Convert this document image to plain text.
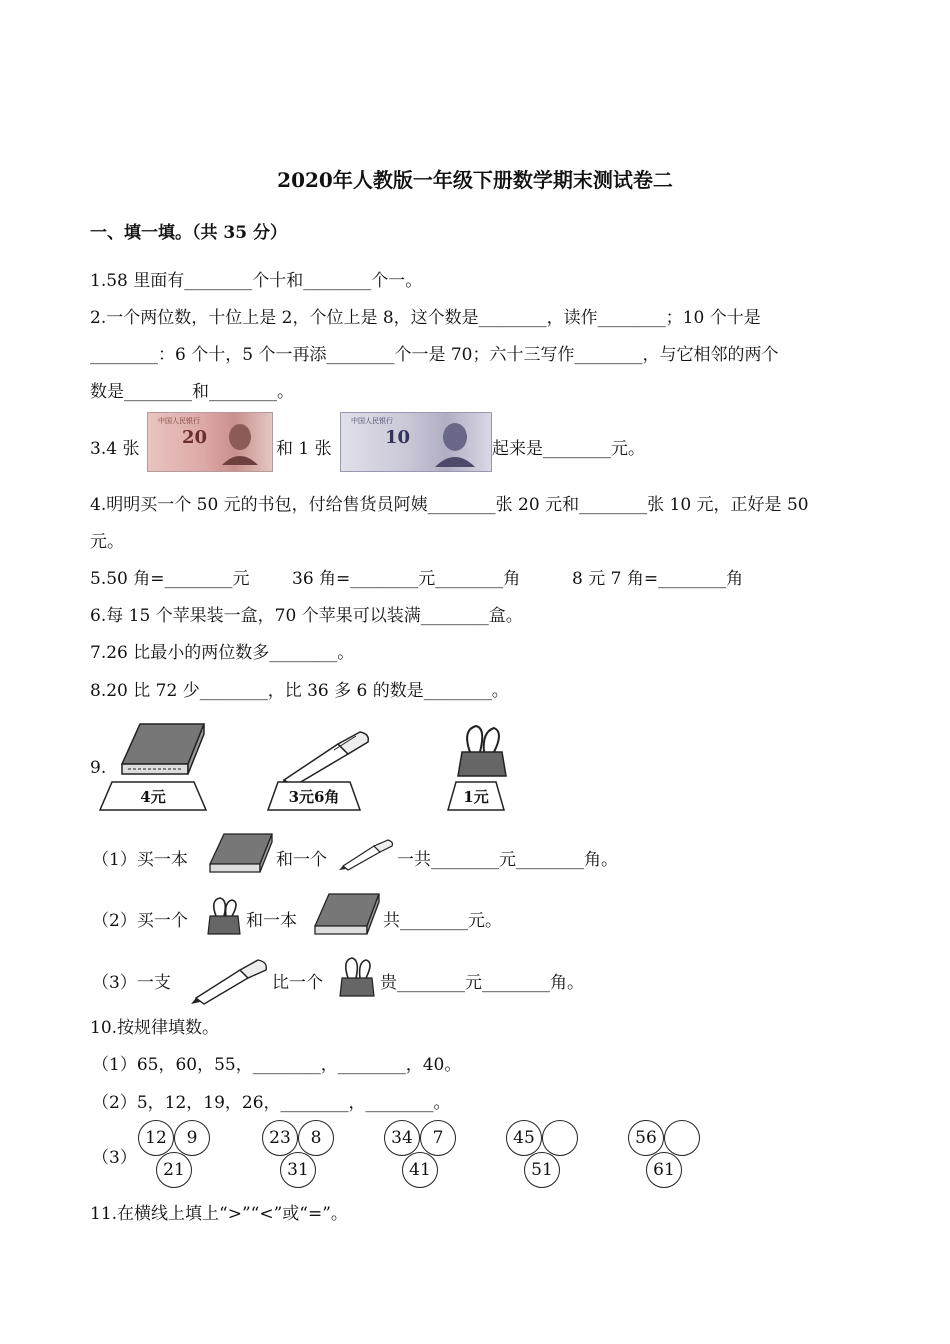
2020年人教版一年级下册数学期末测试卷二
一、填一填。（共 35 分）
1.58 里面有________个十和________个一。
2.一个两位数，十位上是 2，个位上是 8，这个数是________，读作________；10 个十是
________：6 个十，5 个一再添________个一是 70；六十三写作________，与它相邻的两个
数是________和________。
3.4 张
中国人民银行
20
和 1 张
中国人民银行
10
起来是________元。
4.明明买一个 50 元的书包，付给售货员阿姨________张 20 元和________张 10 元，正好是 50
元。
5.50 角=________元	36 角=________元________角	8 元 7 角=________角
6.每 15 个苹果装一盒，70 个苹果可以装满________盒。
7.26 比最小的两位数多________。
8.20 比 72 少________，比 36 多 6 的数是________。
9.
4元	3元6角	1元
（1）买一本	和一个	一共________元________角。
（2）买一个	和一本	共________元。
（3）一支	比一个	贵________元________角。
10.按规律填数。
（1）65，60，55，________，________，40。
（2）5，12，19，26，________，________。
（3）
12	9
21
23	8
31
34	7
41
45
51
56
61
11.在横线上填上“>”“<”或“=”。
